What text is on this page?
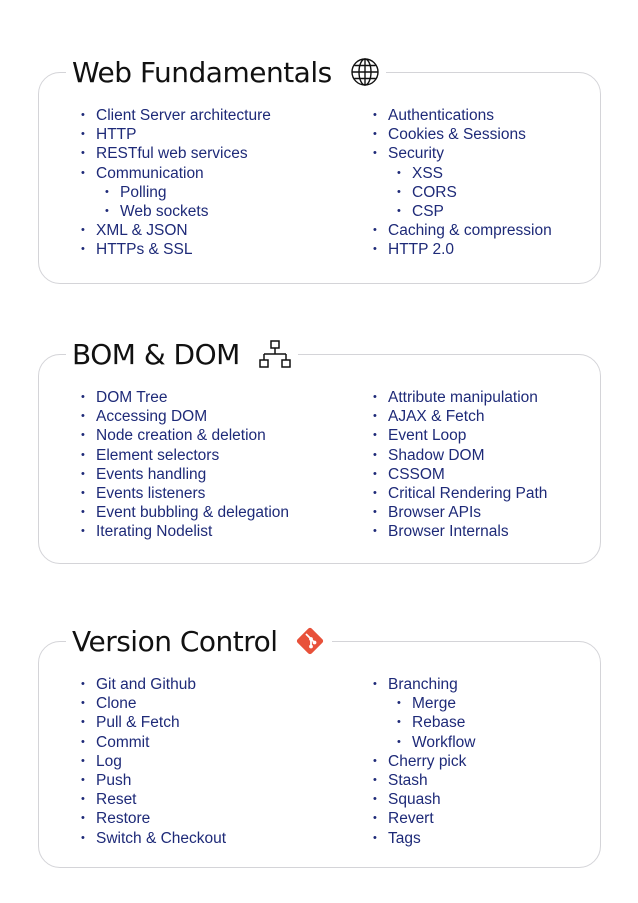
• Client Server architecture
• HTTP
• RESTful web services
• Communication
• Polling
• Web sockets
• XML & JSON
• HTTPs & SSL
• Authentications
• Cookies & Sessions
• Security
• XSS
• CORS
• CSP
• Caching & compression
• HTTP 2.0
Web Fundamentals
• DOM Tree
• Accessing DOM
• Node creation & deletion
• Element selectors
• Events handling
• Events listeners
• Event bubbling & delegation
• Iterating Nodelist
• Attribute manipulation
• AJAX & Fetch
• Event Loop
• Shadow DOM
• CSSOM
• Critical Rendering Path
• Browser APIs
• Browser Internals
BOM & DOM
• Git and Github
• Clone
• Pull & Fetch
• Commit
• Log
• Push
• Reset
• Restore
• Switch & Checkout
• Branching
• Merge
• Rebase
• Workflow
• Cherry pick
• Stash
• Squash
• Revert
• Tags
Version Control
